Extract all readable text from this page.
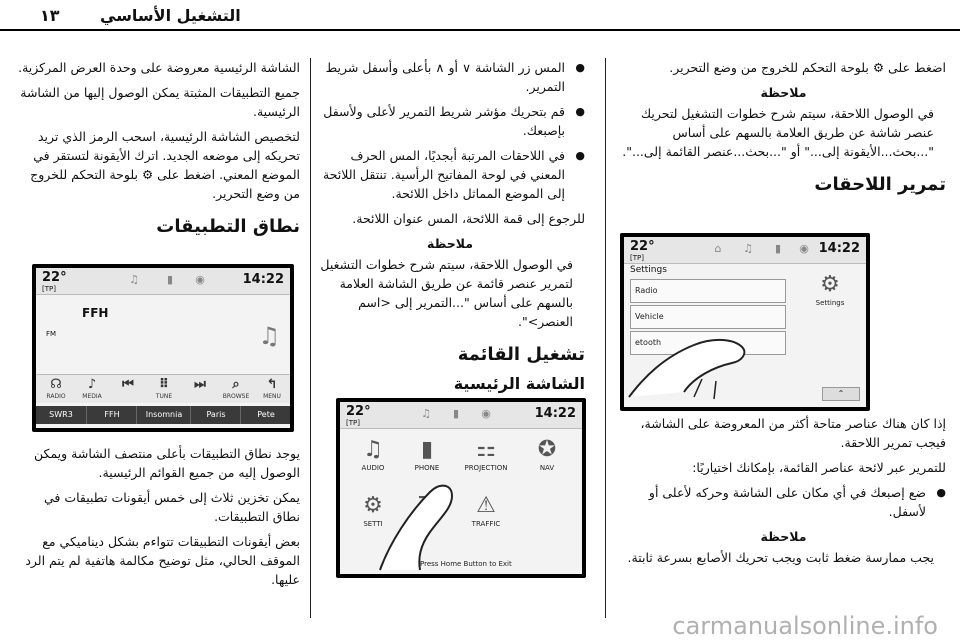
١٣	التشغيل الأساسي

اضغط على ⚙ بلوحة التحكم للخروج من وضع التحرير.

ملاحظة

في الوصول اللاحقة، سيتم شرح خطوات التشغيل لتحريك عنصر شاشة عن طريق العلامة بالسهم على أساس "...بحث...الأيقونة إلى..." أو "...بحث...عنصر القائمة إلى...".

تمرير اللاحقات

إذا كان هناك عناصر متاحة أكثر من المعروضة على الشاشة، فيجب تمرير اللاحقة.

للتمرير عبر لائحة عناصر القائمة، بإمكانك اختياريًا:

● ضع إصبعك في أي مكان على الشاشة وحركه لأعلى أو لأسفل.

ملاحظة

يجب ممارسة ضغط ثابت ويجب تحريك الأصابع بسرعة ثابتة.

22°
[TP]
⌂ ♫ ▮ ◉ 14:22
Settings
Radio
Vehicle
etooth
⚙
Settings
⌃

● المس زر الشاشة ∨ أو ∧ بأعلى وأسفل شريط التمرير.

● قم بتحريك مؤشر شريط التمرير لأعلى ولأسفل بإصبعك.

● في اللاحقات المرتبة أبجديًا، المس الحرف المعني في لوحة المفاتيح الرأسية. تنتقل اللائحة إلى الموضع المماثل داخل اللائحة.

للرجوع إلى قمة اللائحة، المس عنوان اللائحة.

ملاحظة

في الوصول اللاحقة، سيتم شرح خطوات التشغيل لتمرير عنصر قائمة عن طريق الشاشة العلامة بالسهم على أساس "...التمرير إلى <اسم العنصر>".

تشغيل القائمة
الشاشة الرئيسية
22°
[TP]
♫ ▮ ◉	14:22
♫
AUDIO
▮
PHONE
⚏
PROJECTION
✪
NAV
⚙
SETTI
⚠
TRAFFIC
Press Home Button to Exit

الشاشة الرئيسية معروضة على وحدة العرض المركزية.

جميع التطبيقات المثبتة يمكن الوصول إليها من الشاشة الرئيسية.

لتخصيص الشاشة الرئيسية، اسحب الرمز الذي تريد تحريكه إلى موضعه الجديد. اترك الأيقونة لتستقر في الموضع المعني. اضغط على ⚙ بلوحة التحكم للخروج من وضع التحرير.

نطاق التطبيقات

يوجد نطاق التطبيقات بأعلى منتصف الشاشة ويمكن الوصول إليه من جميع القوائم الرئيسية.

يمكن تخزين ثلاث إلى خمس أيقونات تطبيقات في نطاق التطبيقات.

بعض أيقونات التطبيقات تتواءم بشكل ديناميكي مع الموقف الحالي، مثل توضيح مكالمة هاتفية لم يتم الرد عليها.

22°
[TP]
♫	▮ ◉	14:22
FFH
FM	♫
☊
RADIO
♪
MEDIA
⏮	⠿
TUNE
⏭	⌕
BROWSE
↰
MENU
SWR3	FFH	Insomnia	Paris	Pete
carmanualsonline.info
